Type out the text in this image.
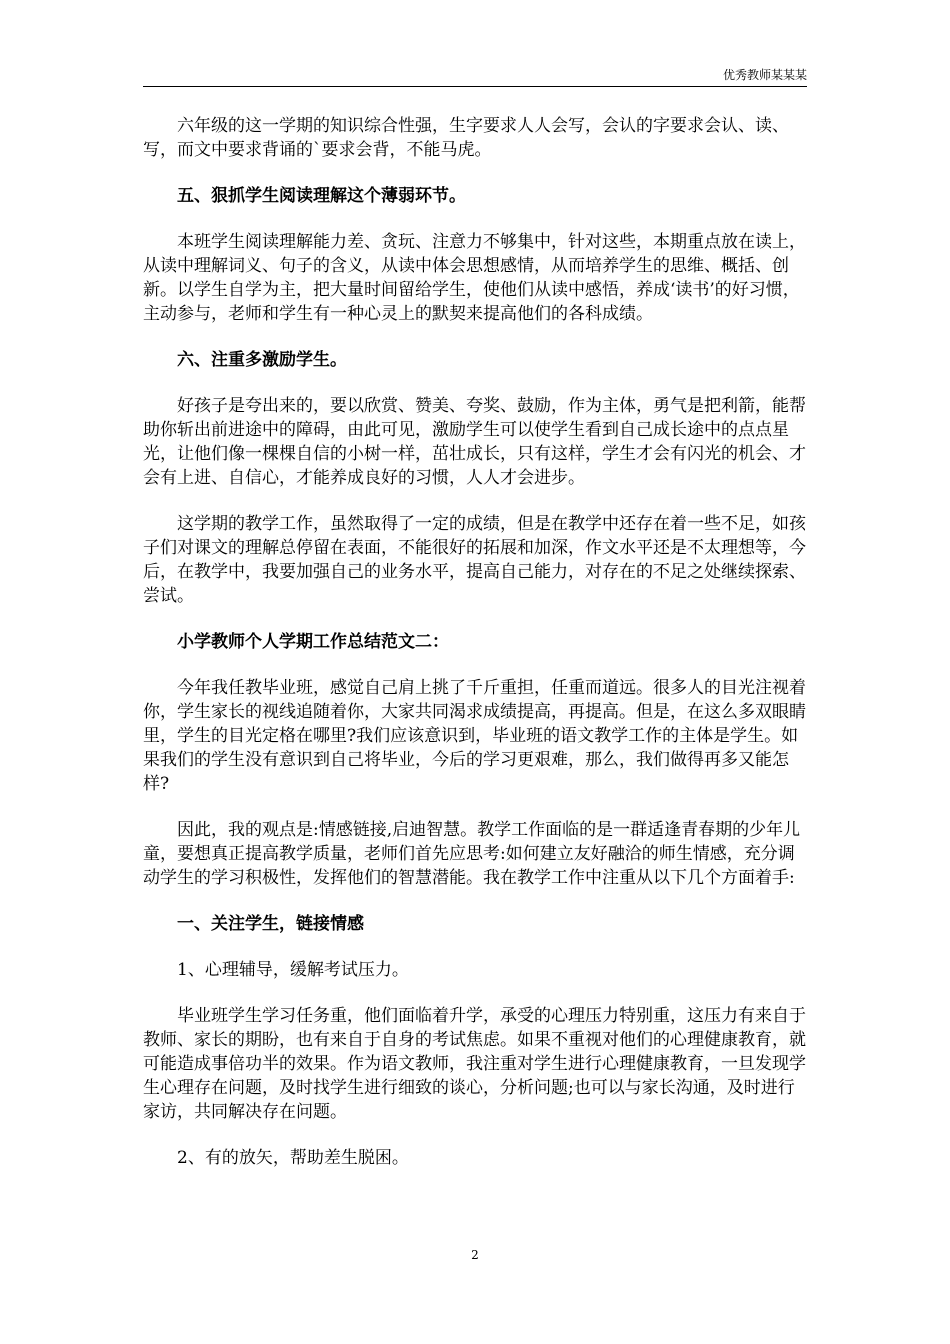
优秀教师某某某

六年级的这一学期的知识综合性强，生字要求人人会写，会认的字要求会认、读、写，而文中要求背诵的`要求会背，不能马虎。

五、狠抓学生阅读理解这个薄弱环节。

本班学生阅读理解能力差、贪玩、注意力不够集中，针对这些，本期重点放在读上，从读中理解词义、句子的含义，从读中体会思想感情，从而培养学生的思维、概括、创新。以学生自学为主，把大量时间留给学生，使他们从读中感悟，养成‘读书’的好习惯，主动参与，老师和学生有一种心灵上的默契来提高他们的各科成绩。

六、注重多激励学生。

好孩子是夸出来的，要以欣赏、赞美、夸奖、鼓励，作为主体，勇气是把利箭，能帮助你斩出前进途中的障碍，由此可见，激励学生可以使学生看到自己成长途中的点点星光，让他们像一棵棵自信的小树一样，茁壮成长，只有这样，学生才会有闪光的机会、才会有上进、自信心，才能养成良好的习惯，人人才会进步。

这学期的教学工作，虽然取得了一定的成绩，但是在教学中还存在着一些不足，如孩子们对课文的理解总停留在表面，不能很好的拓展和加深，作文水平还是不太理想等，今后，在教学中，我要加强自己的业务水平，提高自己能力，对存在的不足之处继续探索、尝试。

小学教师个人学期工作总结范文二：

今年我任教毕业班，感觉自己肩上挑了千斤重担，任重而道远。很多人的目光注视着你，学生家长的视线追随着你，大家共同渴求成绩提高，再提高。但是，在这么多双眼睛里，学生的目光定格在哪里?我们应该意识到，毕业班的语文教学工作的主体是学生。如果我们的学生没有意识到自己将毕业，今后的学习更艰难，那么，我们做得再多又能怎样?

因此，我的观点是:情感链接,启迪智慧。教学工作面临的是一群适逢青春期的少年儿童，要想真正提高教学质量，老师们首先应思考:如何建立友好融洽的师生情感，充分调动学生的学习积极性，发挥他们的智慧潜能。我在教学工作中注重从以下几个方面着手:

一、关注学生，链接情感

1、心理辅导，缓解考试压力。

毕业班学生学习任务重，他们面临着升学，承受的心理压力特别重，这压力有来自于教师、家长的期盼，也有来自于自身的考试焦虑。如果不重视对他们的心理健康教育，就可能造成事倍功半的效果。作为语文教师，我注重对学生进行心理健康教育，一旦发现学生心理存在问题，及时找学生进行细致的谈心，分析问题;也可以与家长沟通，及时进行家访，共同解决存在问题。

2、有的放矢，帮助差生脱困。

2
